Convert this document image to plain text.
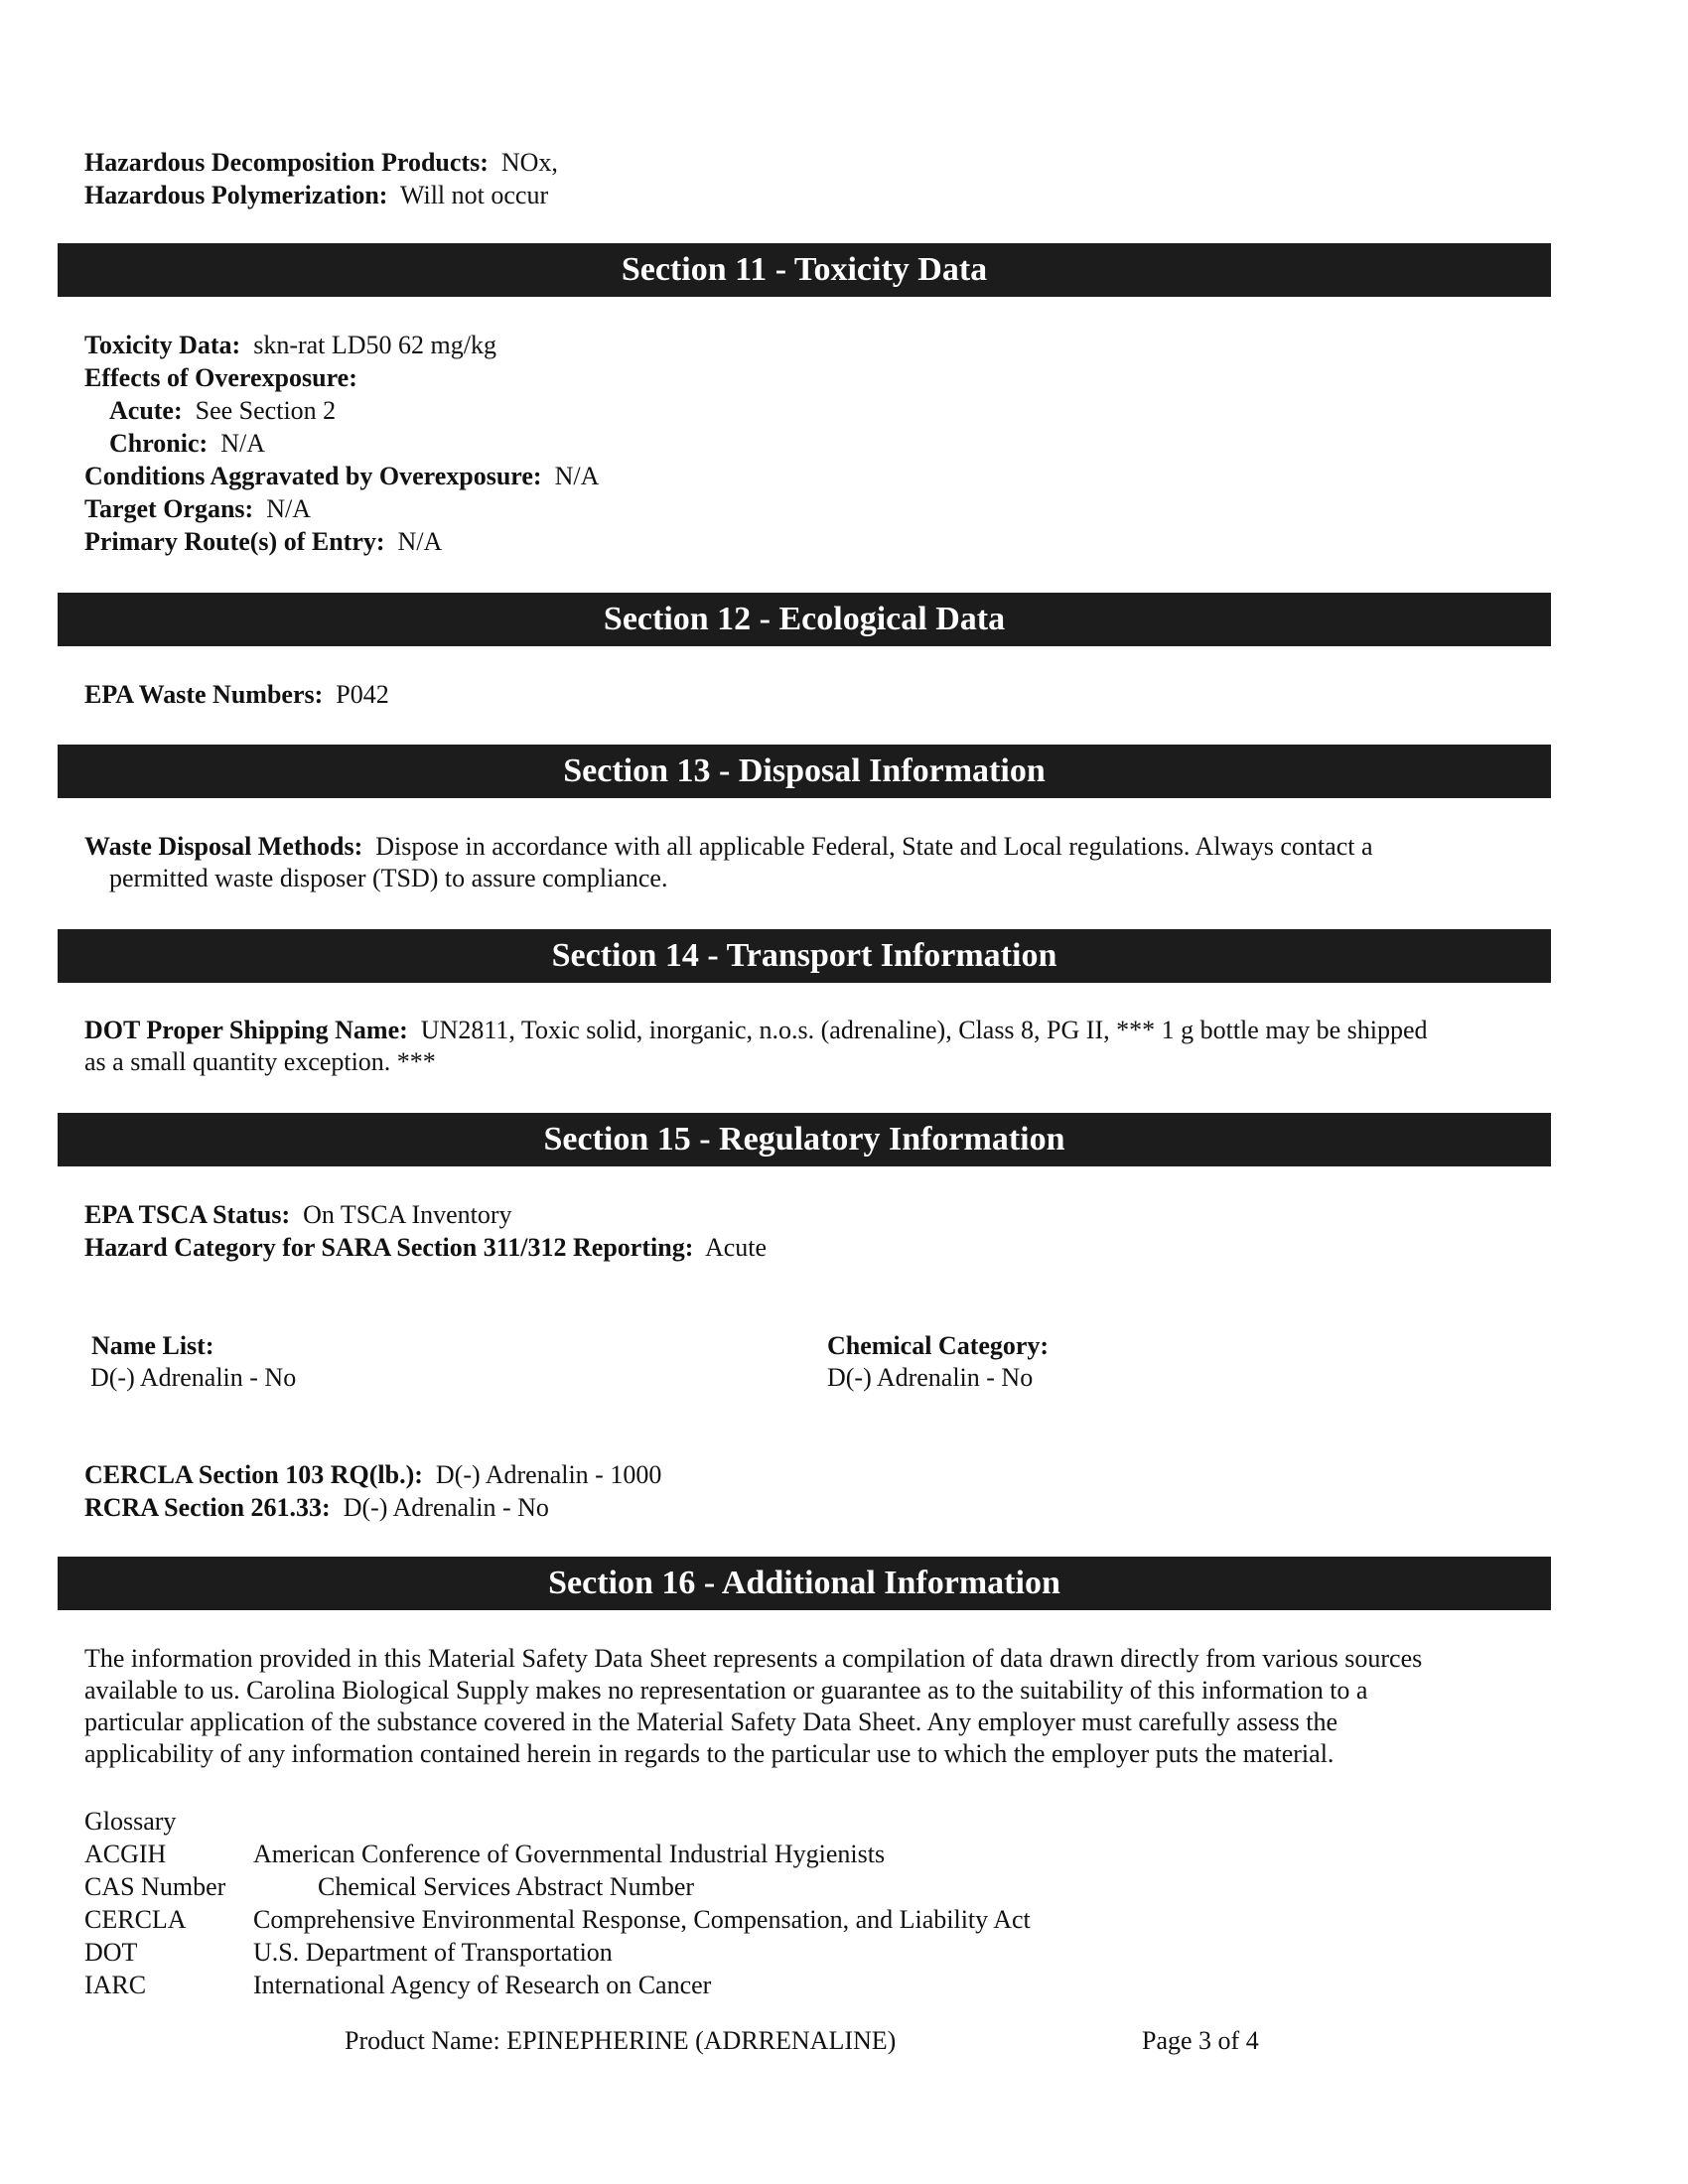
Hazardous Decomposition Products: NOx,
Hazardous Polymerization: Will not occur
Section 11 - Toxicity Data
Toxicity Data: skn-rat LD50 62 mg/kg
Effects of Overexposure:
Acute: See Section 2
Chronic: N/A
Conditions Aggravated by Overexposure: N/A
Target Organs: N/A
Primary Route(s) of Entry: N/A
Section 12 - Ecological Data
EPA Waste Numbers: P042
Section 13 - Disposal Information
Waste Disposal Methods: Dispose in accordance with all applicable Federal, State and Local regulations. Always contact a
permitted waste disposer (TSD) to assure compliance.
Section 14 - Transport Information
DOT Proper Shipping Name: UN2811, Toxic solid, inorganic, n.o.s. (adrenaline), Class 8, PG II, *** 1 g bottle may be shipped
as a small quantity exception. ***
Section 15 - Regulatory Information
EPA TSCA Status: On TSCA Inventory
Hazard Category for SARA Section 311/312 Reporting: Acute
Name List:
D(-) Adrenalin - No
Chemical Category:
D(-) Adrenalin - No
CERCLA Section 103 RQ(lb.): D(-) Adrenalin - 1000
RCRA Section 261.33: D(-) Adrenalin - No
Section 16 - Additional Information
The information provided in this Material Safety Data Sheet represents a compilation of data drawn directly from various sources
available to us. Carolina Biological Supply makes no representation or guarantee as to the suitability of this information to a
particular application of the substance covered in the Material Safety Data Sheet. Any employer must carefully assess the
applicability of any information contained herein in regards to the particular use to which the employer puts the material.
Glossary
ACGIH	American Conference of Governmental Industrial Hygienists
CAS Number	Chemical Services Abstract Number
CERCLA	Comprehensive Environmental Response, Compensation, and Liability Act
DOT	U.S. Department of Transportation
IARC	International Agency of Research on Cancer
Product Name: EPINEPHERINE (ADRRENALINE)	Page 3 of 4
